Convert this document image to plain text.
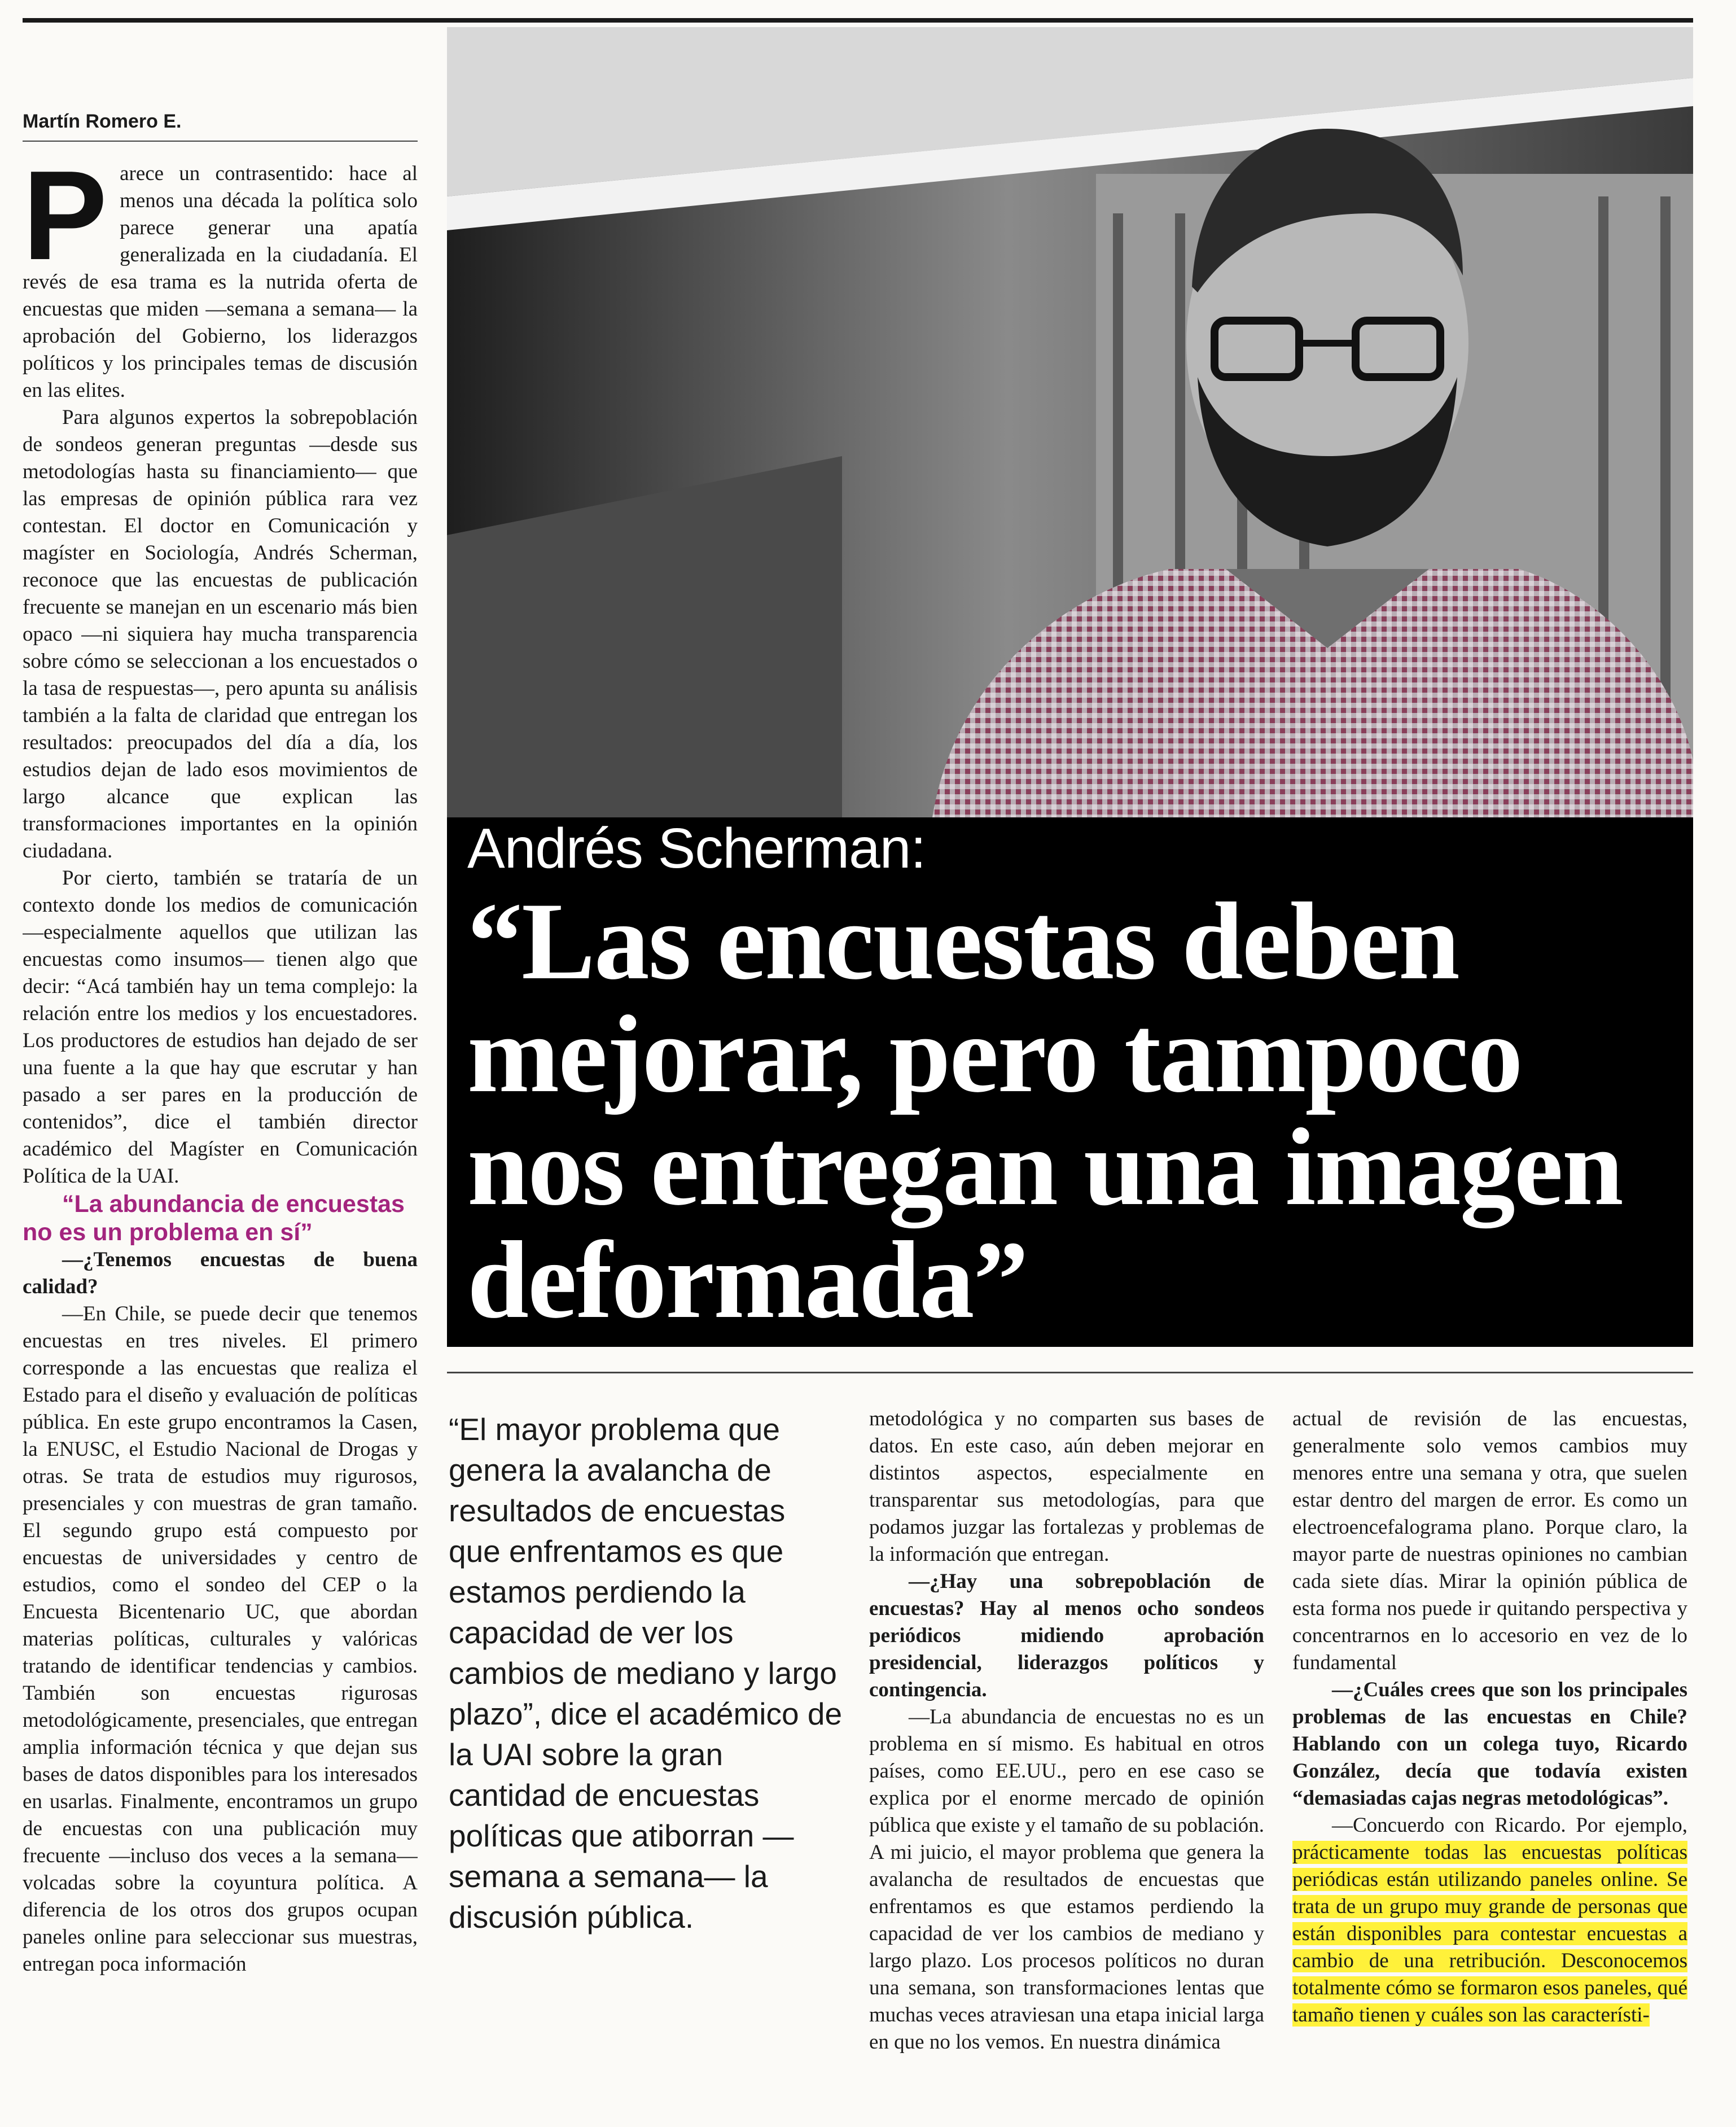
Martín Romero E.

Parece un contrasentido: hace al menos una década la política solo parece generar una apatía generalizada en la ciudadanía. El revés de esa trama es la nutrida oferta de encuestas que miden —semana a semana— la aprobación del Gobierno, los liderazgos políticos y los principales temas de discusión en las elites.

Para algunos expertos la sobrepoblación de sondeos generan preguntas —desde sus metodologías hasta su financiamiento— que las empresas de opinión pública rara vez contestan. El doctor en Comunicación y magíster en Sociología, Andrés Scherman, reconoce que las encuestas de publicación frecuente se manejan en un escenario más bien opaco —ni siquiera hay mucha transparencia sobre cómo se seleccionan a los encuestados o la tasa de respuestas—, pero apunta su análisis también a la falta de claridad que entregan los resultados: preocupados del día a día, los estudios dejan de lado esos movimientos de largo alcance que explican las transformaciones importantes en la opinión ciudadana.

Por cierto, también se trataría de un contexto donde los medios de comunicación —especialmente aquellos que utilizan las encuestas como insumos— tienen algo que decir: “Acá también hay un tema complejo: la relación entre los medios y los encuestadores. Los productores de estudios han dejado de ser una fuente a la que hay que escrutar y han pasado a ser pares en la producción de contenidos”, dice el también director académico del Magíster en Comunicación Política de la UAI.

“La abundancia de encuestas no es un problema en sí”

—¿Tenemos encuestas de buena calidad?

—En Chile, se puede decir que tenemos encuestas en tres niveles. El primero corresponde a las encuestas que realiza el Estado para el diseño y evaluación de políticas pública. En este grupo encontramos la Casen, la ENUSC, el Estudio Nacional de Drogas y otras. Se trata de estudios muy rigurosos, presenciales y con muestras de gran tamaño. El segundo grupo está compuesto por encuestas de universidades y centro de estudios, como el sondeo del CEP o la Encuesta Bicentenario UC, que abordan materias políticas, culturales y valóricas tratando de identificar tendencias y cambios. También son encuestas rigurosas metodológicamente, presenciales, que entregan amplia información técnica y que dejan sus bases de datos disponibles para los interesados en usarlas. Finalmente, encontramos un grupo de encuestas con una publicación muy frecuente —incluso dos veces a la semana— volcadas sobre la coyuntura política. A diferencia de los otros dos grupos ocupan paneles online para seleccionar sus muestras, entregan poca información

Andrés Scherman:
“Las encuestas deben mejorar, pero tampoco nos entregan una imagen deformada”
“El mayor problema que genera la avalancha de resultados de encuestas que enfrentamos es que estamos perdiendo la capacidad de ver los cambios de mediano y largo plazo”, dice el académico de la UAI sobre la gran cantidad de encuestas políticas que atiborran —semana a semana— la discusión pública.

metodológica y no comparten sus bases de datos. En este caso, aún deben mejorar en distintos aspectos, especialmente en transparentar sus metodologías, para que podamos juzgar las fortalezas y problemas de la información que entregan.

—¿Hay una sobrepoblación de encuestas? Hay al menos ocho sondeos periódicos midiendo aprobación presidencial, liderazgos políticos y contingencia.

—La abundancia de encuestas no es un problema en sí mismo. Es habitual en otros países, como EE.UU., pero en ese caso se explica por el enorme mercado de opinión pública que existe y el tamaño de su población. A mi juicio, el mayor problema que genera la avalancha de resultados de encuestas que enfrentamos es que estamos perdiendo la capacidad de ver los cambios de mediano y largo plazo. Los procesos políticos no duran una semana, son transformaciones lentas que muchas veces atraviesan una etapa inicial larga en que no los vemos. En nuestra dinámica

actual de revisión de las encuestas, generalmente solo vemos cambios muy menores entre una semana y otra, que suelen estar dentro del margen de error. Es como un electroencefalograma plano. Porque claro, la mayor parte de nuestras opiniones no cambian cada siete días. Mirar la opinión pública de esta forma nos puede ir quitando perspectiva y concentrarnos en lo accesorio en vez de lo fundamental

—¿Cuáles crees que son los principales problemas de las encuestas en Chile? Hablando con un colega tuyo, Ricardo González, decía que todavía existen “demasiadas cajas negras metodológicas”.

—Concuerdo con Ricardo. Por ejemplo, prácticamente todas las encuestas políticas periódicas están utilizando paneles online. Se trata de un grupo muy grande de personas que están disponibles para contestar encuestas a cambio de una retribución. Desconocemos totalmente cómo se formaron esos paneles, qué tamaño tienen y cuáles son las característi-
